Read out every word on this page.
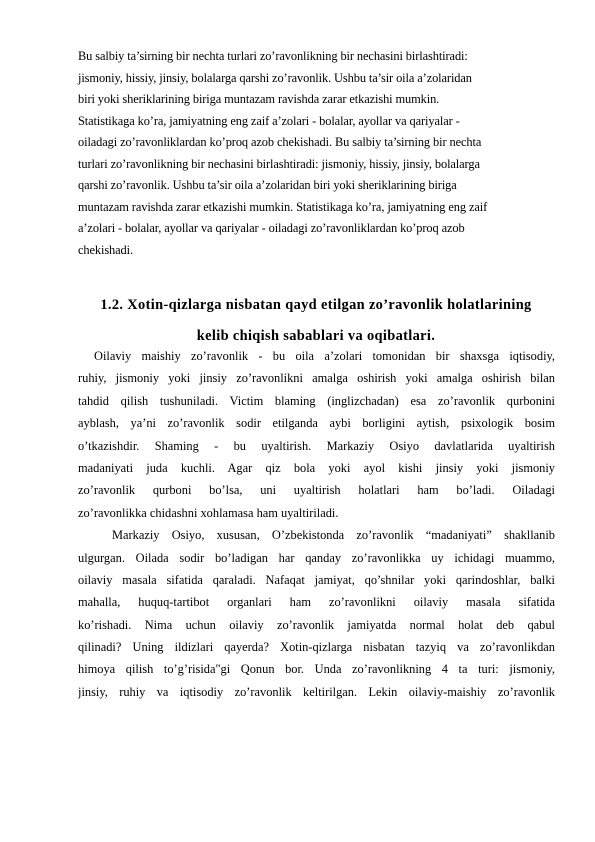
Bu salbiy ta’sirning bir nechta turlari zo’ravonlikning bir nechasini birlashtiradi:
jismoniy, hissiy, jinsiy, bolalarga qarshi zo’ravonlik. Ushbu ta’sir oila a’zolaridan
biri yoki sheriklarining biriga muntazam ravishda zarar etkazishi mumkin.
Statistikaga ko’ra, jamiyatning eng zaif a’zolari - bolalar, ayollar va qariyalar -
oiladagi zo’ravonliklardan ko’proq azob chekishadi. Bu salbiy ta’sirning bir nechta
turlari zo’ravonlikning bir nechasini birlashtiradi: jismoniy, hissiy, jinsiy, bolalarga
qarshi zo’ravonlik. Ushbu ta’sir oila a’zolaridan biri yoki sheriklarining biriga
muntazam ravishda zarar etkazishi mumkin. Statistikaga ko’ra, jamiyatning eng zaif
a’zolari - bolalar, ayollar va qariyalar - oiladagi zo’ravonliklardan ko’proq azob
chekishadi.
1.2. Xotin-qizlarga nisbatan qayd etilgan zo’ravonlik holatlarining
kelib chiqish sabablari va oqibatlari.
Oilaviy maishiy zo’ravonlik - bu oila a’zolari tomonidan bir shaxsga iqtisodiy,
ruhiy, jismoniy yoki jinsiy zo’ravonlikni amalga oshirish yoki amalga oshirish bilan
tahdid qilish tushuniladi. Victim blaming (inglizchadan) esa zo’ravonlik qurbonini
ayblash, ya’ni zo’ravonlik sodir etilganda aybi borligini aytish, psixologik bosim
o’tkazishdir. Shaming - bu uyaltirish. Markaziy Osiyo davlatlarida uyaltirish
madaniyati juda kuchli. Agar qiz bola yoki ayol kishi jinsiy yoki jismoniy
zo’ravonlik qurboni bo’lsa, uni uyaltirish holatlari ham bo’ladi. Oiladagi
zo’ravonlikka chidashni xohlamasa ham uyaltiriladi.
Markaziy Osiyo, xususan, O’zbekistonda zo’ravonlik “madaniyati” shakllanib
ulgurgan. Oilada sodir bo’ladigan har qanday zo’ravonlikka uy ichidagi muammo,
oilaviy masala sifatida qaraladi. Nafaqat jamiyat, qo’shnilar yoki qarindoshlar, balki
mahalla, huquq-tartibot organlari ham zo’ravonlikni oilaviy masala sifatida
ko’rishadi. Nima uchun oilaviy zo’ravonlik jamiyatda normal holat deb qabul
qilinadi? Uning ildizlari qayerda? Xotin-qizlarga nisbatan tazyiq va zo’ravonlikdan
himoya qilish to’g’risida"gi Qonun bor. Unda zo’ravonlikning 4 ta turi: jismoniy,
jinsiy, ruhiy va iqtisodiy zo’ravonlik keltirilgan. Lekin oilaviy-maishiy zo’ravonlik
